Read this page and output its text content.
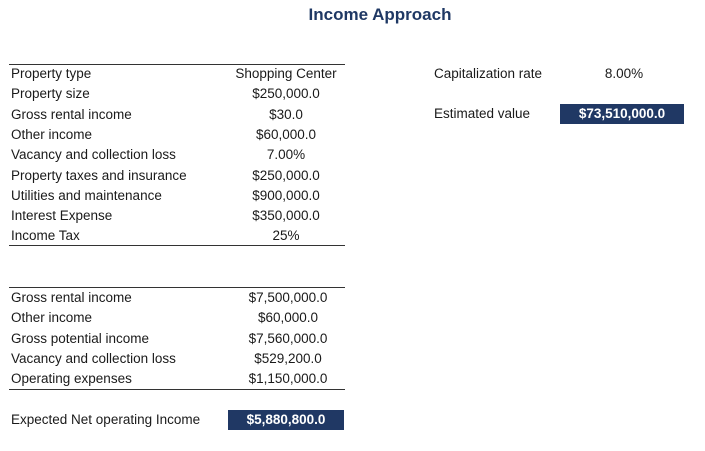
Income Approach
Property type	Shopping Center
Property size	$250,000.0
Gross rental income	$30.0
Other income	$60,000.0
Vacancy and collection loss	7.00%
Property taxes and insurance	$250,000.0
Utilities and maintenance	$900,000.0
Interest Expense	$350,000.0
Income Tax	25%
Gross rental income	$7,500,000.0
Other income	$60,000.0
Gross potential income	$7,560,000.0
Vacancy and collection loss	$529,200.0
Operating expenses	$1,150,000.0
Expected Net operating Income	$5,880,800.0
Capitalization rate	8.00%
Estimated value	$73,510,000.0
